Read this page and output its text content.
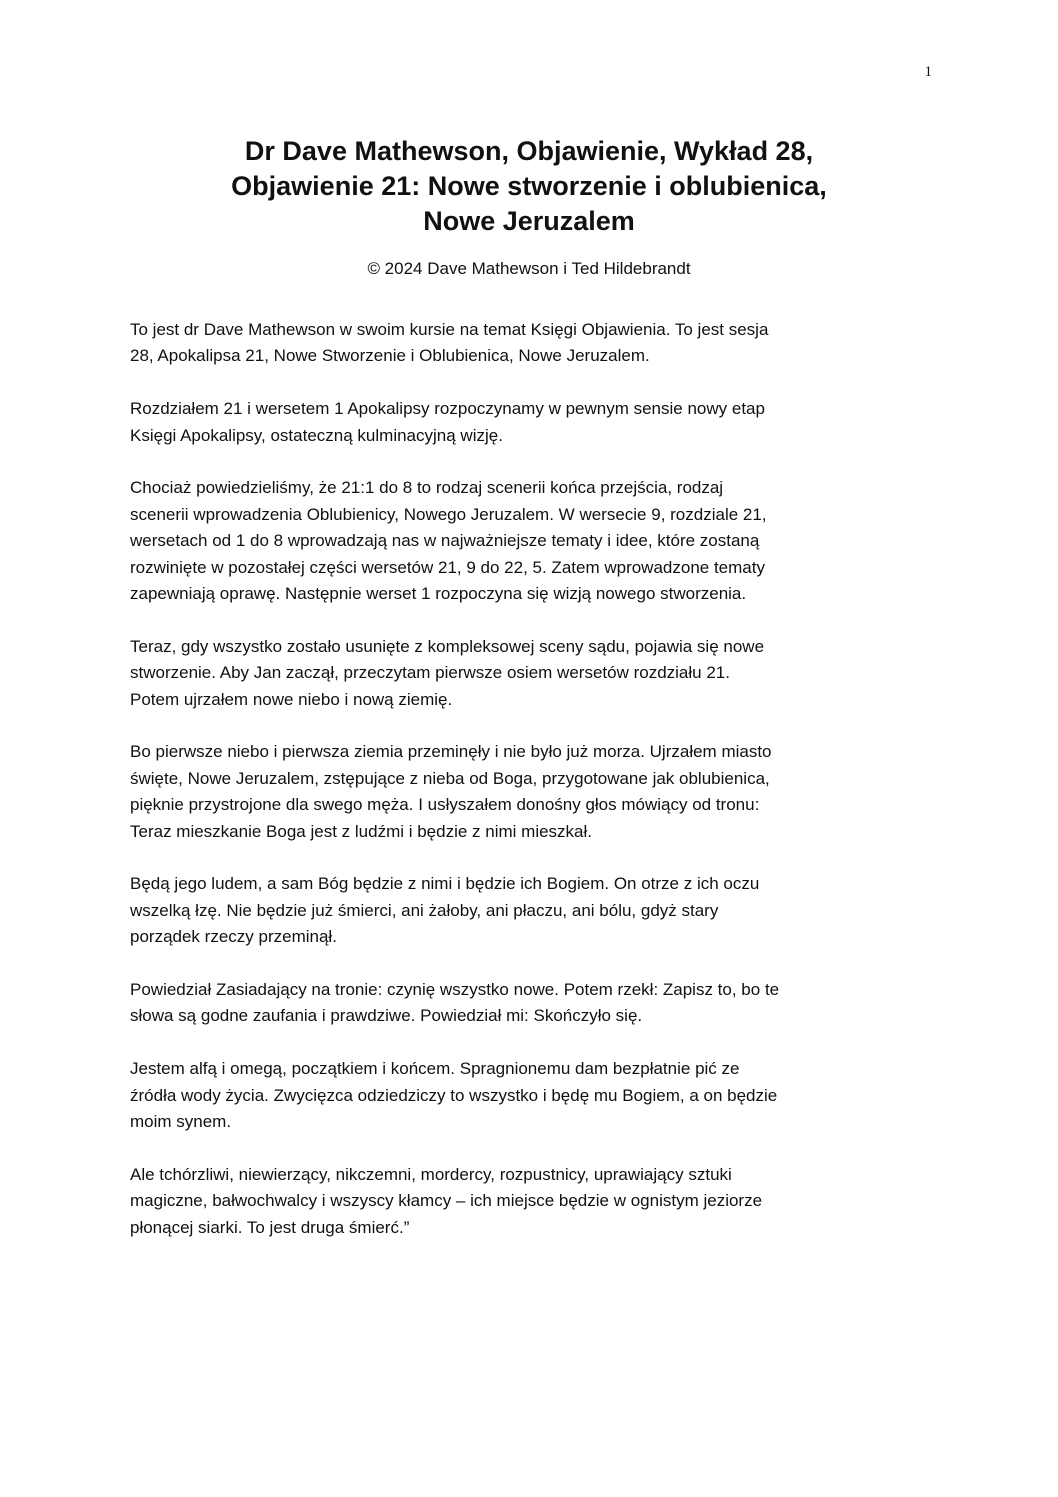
1
Dr Dave Mathewson, Objawienie, Wykład 28,
Objawienie 21: Nowe stworzenie i oblubienica,
Nowe Jeruzalem
© 2024 Dave Mathewson i Ted Hildebrandt

To jest dr Dave Mathewson w swoim kursie na temat Księgi Objawienia. To jest sesja
28, Apokalipsa 21, Nowe Stworzenie i Oblubienica, Nowe Jeruzalem.

Rozdziałem 21 i wersetem 1 Apokalipsy rozpoczynamy w pewnym sensie nowy etap
Księgi Apokalipsy, ostateczną kulminacyjną wizję.

Chociaż powiedzieliśmy, że 21:1 do 8 to rodzaj scenerii końca przejścia, rodzaj
scenerii wprowadzenia Oblubienicy, Nowego Jeruzalem. W wersecie 9, rozdziale 21,
wersetach od 1 do 8 wprowadzają nas w najważniejsze tematy i idee, które zostaną
rozwinięte w pozostałej części wersetów 21, 9 do 22, 5. Zatem wprowadzone tematy
zapewniają oprawę. Następnie werset 1 rozpoczyna się wizją nowego stworzenia.

Teraz, gdy wszystko zostało usunięte z kompleksowej sceny sądu, pojawia się nowe
stworzenie. Aby Jan zaczął, przeczytam pierwsze osiem wersetów rozdziału 21.
Potem ujrzałem nowe niebo i nową ziemię.

Bo pierwsze niebo i pierwsza ziemia przeminęły i nie było już morza. Ujrzałem miasto
święte, Nowe Jeruzalem, zstępujące z nieba od Boga, przygotowane jak oblubienica,
pięknie przystrojone dla swego męża. I usłyszałem donośny głos mówiący od tronu:
Teraz mieszkanie Boga jest z ludźmi i będzie z nimi mieszkał.

Będą jego ludem, a sam Bóg będzie z nimi i będzie ich Bogiem. On otrze z ich oczu
wszelką łzę. Nie będzie już śmierci, ani żałoby, ani płaczu, ani bólu, gdyż stary
porządek rzeczy przeminął.

Powiedział Zasiadający na tronie: czynię wszystko nowe. Potem rzekł: Zapisz to, bo te
słowa są godne zaufania i prawdziwe. Powiedział mi: Skończyło się.

Jestem alfą i omegą, początkiem i końcem. Spragnionemu dam bezpłatnie pić ze
źródła wody życia. Zwycięzca odziedziczy to wszystko i będę mu Bogiem, a on będzie
moim synem.

Ale tchórzliwi, niewierzący, nikczemni, mordercy, rozpustnicy, uprawiający sztuki
magiczne, bałwochwalcy i wszyscy kłamcy – ich miejsce będzie w ognistym jeziorze
płonącej siarki. To jest druga śmierć.”
